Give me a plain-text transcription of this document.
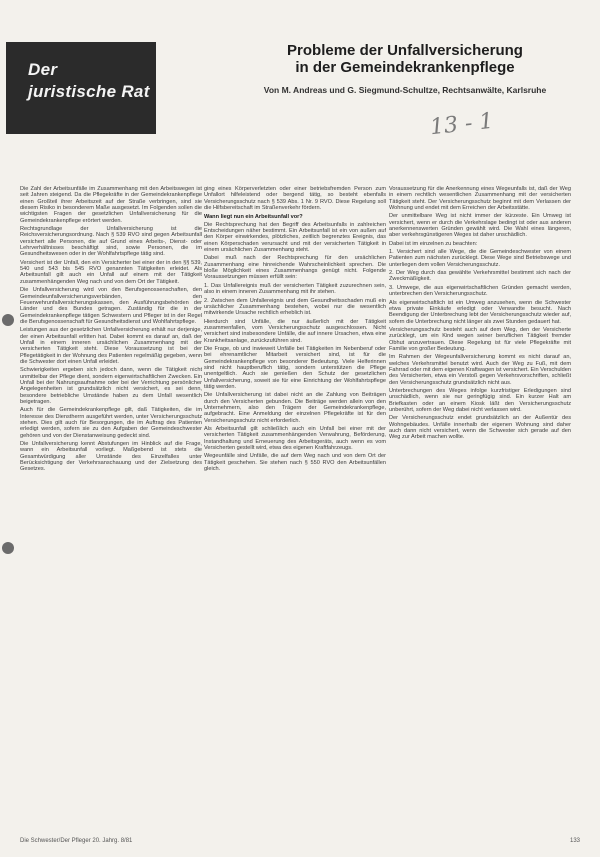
Der
juristische Rat
Probleme der Unfallversicherung
in der Gemeindekrankenpflege
Von M. Andreas und G. Siegmund-Schultze, Rechtsanwälte, Karlsruhe
13 - 1

Die Zahl der Arbeitsunfälle im Zusammenhang mit den Arbeitswegen ist seit Jahren steigend. Da die Pflegekräfte in der Gemeindekrankenpflege einen Großteil ihrer Arbeitszeit auf der Straße verbringen, sind sie diesem Risiko in besonderem Maße ausgesetzt. Im Folgenden sollen die wichtigsten Fragen der gesetzlichen Unfallversicherung für die Gemeindekrankenpflege erörtert werden.

Rechtsgrundlage der Unfallversicherung ist die Reichsversicherungsordnung. Nach § 539 RVO sind gegen Arbeitsunfall versichert alle Personen, die auf Grund eines Arbeits-, Dienst- oder Lehrverhältnisses beschäftigt sind, sowie Personen, die im Gesundheitswesen oder in der Wohlfahrtspflege tätig sind.

Versichert ist der Unfall, den ein Versicherter bei einer der in den §§ 539, 540 und 543 bis 545 RVO genannten Tätigkeiten erleidet. Als Arbeitsunfall gilt auch ein Unfall auf einem mit der Tätigkeit zusammenhängenden Weg nach und von dem Ort der Tätigkeit.

Die Unfallversicherung wird von den Berufsgenossenschaften, den Gemeindeunfallversicherungsverbänden, den Feuerwehrunfallversicherungskassen, den Ausführungsbehörden der Länder und des Bundes getragen. Zuständig für die in der Gemeindekrankenpflege tätigen Schwestern und Pfleger ist in der Regel die Berufsgenossenschaft für Gesundheitsdienst und Wohlfahrtspflege.

Leistungen aus der gesetzlichen Unfallversicherung erhält nur derjenige, der einen Arbeitsunfall erlitten hat. Dabei kommt es darauf an, daß der Unfall in einem inneren ursächlichen Zusammenhang mit der versicherten Tätigkeit steht. Diese Voraussetzung ist bei der Pflegetätigkeit in der Wohnung des Patienten regelmäßig gegeben, wenn die Schwester dort einen Unfall erleidet.

Schwierigkeiten ergeben sich jedoch dann, wenn die Tätigkeit nicht unmittelbar der Pflege dient, sondern eigenwirtschaftlichen Zwecken. Ein Unfall bei der Nahrungsaufnahme oder bei der Verrichtung persönlicher Angelegenheiten ist grundsätzlich nicht versichert, es sei denn, besondere betriebliche Umstände haben zu dem Unfall wesentlich beigetragen.

Auch für die Gemeindekrankenpflege gilt, daß Tätigkeiten, die im Interesse des Dienstherrn ausgeführt werden, unter Versicherungsschutz stehen. Dies gilt auch für Besorgungen, die im Auftrag des Patienten erledigt werden, sofern sie zu den Aufgaben der Gemeindeschwester gehören und von der Dienstanweisung gedeckt sind.

Die Unfallversicherung kennt Abstufungen im Hinblick auf die Frage, wann ein Arbeitsunfall vorliegt. Maßgebend ist stets die Gesamtwürdigung aller Umstände des Einzelfalles unter Berücksichtigung der Verkehrsanschauung und der Zielsetzung des Gesetzes.

ging eines Körperverletzten oder einer betriebsfremden Person zum Unfallort hilfeleistend oder bergend tätig, so besteht ebenfalls Versicherungsschutz nach § 539 Abs. 1 Nr. 9 RVO. Diese Regelung soll die Hilfsbereitschaft im Straßenverkehr fördern.

Wann liegt nun ein Arbeitsunfall vor?

Die Rechtsprechung hat den Begriff des Arbeitsunfalls in zahlreichen Entscheidungen näher bestimmt. Ein Arbeitsunfall ist ein von außen auf den Körper einwirkendes, plötzliches, zeitlich begrenztes Ereignis, das einen Körperschaden verursacht und mit der versicherten Tätigkeit in einem ursächlichen Zusammenhang steht.

Dabei muß nach der Rechtsprechung für den ursächlichen Zusammenhang eine hinreichende Wahrscheinlichkeit sprechen. Die bloße Möglichkeit eines Zusammenhangs genügt nicht. Folgende Voraussetzungen müssen erfüllt sein:

1. Das Unfallereignis muß der versicherten Tätigkeit zuzurechnen sein, also in einem inneren Zusammenhang mit ihr stehen.

2. Zwischen dem Unfallereignis und dem Gesundheitsschaden muß ein ursächlicher Zusammenhang bestehen, wobei nur die wesentlich mitwirkende Ursache rechtlich erheblich ist.

Hierdurch sind Unfälle, die nur äußerlich mit der Tätigkeit zusammenfallen, vom Versicherungsschutz ausgeschlossen. Nicht versichert sind insbesondere Unfälle, die auf innere Ursachen, etwa eine Krankheitsanlage, zurückzuführen sind.

Die Frage, ob und inwieweit Unfälle bei Tätigkeiten im Nebenberuf oder bei ehrenamtlicher Mitarbeit versichert sind, ist für die Gemeindekrankenpflege von besonderer Bedeutung. Viele Helferinnen sind nicht hauptberuflich tätig, sondern unterstützen die Pflege unentgeltlich. Auch sie genießen den Schutz der gesetzlichen Unfallversicherung, soweit sie für eine Einrichtung der Wohlfahrtspflege tätig werden.

Die Unfallversicherung ist dabei nicht an die Zahlung von Beiträgen durch den Versicherten gebunden. Die Beiträge werden allein von den Unternehmern, also den Trägern der Gemeindekrankenpflege, aufgebracht. Eine Anmeldung der einzelnen Pflegekräfte ist für den Versicherungsschutz nicht erforderlich.

Als Arbeitsunfall gilt schließlich auch ein Unfall bei einer mit der versicherten Tätigkeit zusammenhängenden Verwahrung, Beförderung, Instandhaltung und Erneuerung des Arbeitsgeräts, auch wenn es vom Versicherten gestellt wird, etwa des eigenen Kraftfahrzeugs.

Wegeunfälle sind Unfälle, die auf dem Weg nach und von dem Ort der Tätigkeit geschehen. Sie stehen nach § 550 RVO den Arbeitsunfällen gleich.

Voraussetzung für die Anerkennung eines Wegeunfalls ist, daß der Weg in einem rechtlich wesentlichen Zusammenhang mit der versicherten Tätigkeit steht. Der Versicherungsschutz beginnt mit dem Verlassen der Wohnung und endet mit dem Erreichen der Arbeitsstätte.

Der unmittelbare Weg ist nicht immer der kürzeste. Ein Umweg ist versichert, wenn er durch die Verkehrslage bedingt ist oder aus anderen anerkennenswerten Gründen gewählt wird. Die Wahl eines längeren, aber verkehrsgünstigeren Weges ist daher unschädlich.

Dabei ist im einzelnen zu beachten:

1. Versichert sind alle Wege, die die Gemeindeschwester von einem Patienten zum nächsten zurücklegt. Diese Wege sind Betriebswege und unterliegen dem vollen Versicherungsschutz.

2. Der Weg durch das gewählte Verkehrsmittel bestimmt sich nach der Zweckmäßigkeit.

3. Umwege, die aus eigenwirtschaftlichen Gründen gemacht werden, unterbrechen den Versicherungsschutz.

Als eigenwirtschaftlich ist ein Umweg anzusehen, wenn die Schwester etwa private Einkäufe erledigt oder Verwandte besucht. Nach Beendigung der Unterbrechung lebt der Versicherungsschutz wieder auf, sofern die Unterbrechung nicht länger als zwei Stunden gedauert hat.

Versicherungsschutz besteht auch auf dem Weg, den der Versicherte zurücklegt, um ein Kind wegen seiner beruflichen Tätigkeit fremder Obhut anzuvertrauen. Diese Regelung ist für viele Pflegekräfte mit Familie von großer Bedeutung.

Im Rahmen der Wegeunfallversicherung kommt es nicht darauf an, welches Verkehrsmittel benutzt wird. Auch der Weg zu Fuß, mit dem Fahrrad oder mit dem eigenen Kraftwagen ist versichert. Ein Verschulden des Versicherten, etwa ein Verstoß gegen Verkehrsvorschriften, schließt den Versicherungsschutz grundsätzlich nicht aus.

Unterbrechungen des Weges infolge kurzfristiger Erledigungen sind unschädlich, wenn sie nur geringfügig sind. Ein kurzer Halt am Briefkasten oder an einem Kiosk läßt den Versicherungsschutz unberührt, sofern der Weg dabei nicht verlassen wird.

Der Versicherungsschutz endet grundsätzlich an der Außentür des Wohngebäudes. Unfälle innerhalb der eigenen Wohnung sind daher auch dann nicht versichert, wenn die Schwester sich gerade auf den Weg zur Arbeit machen wollte.

Die Schwester/Der Pfleger 20. Jahrg. 8/81	133
